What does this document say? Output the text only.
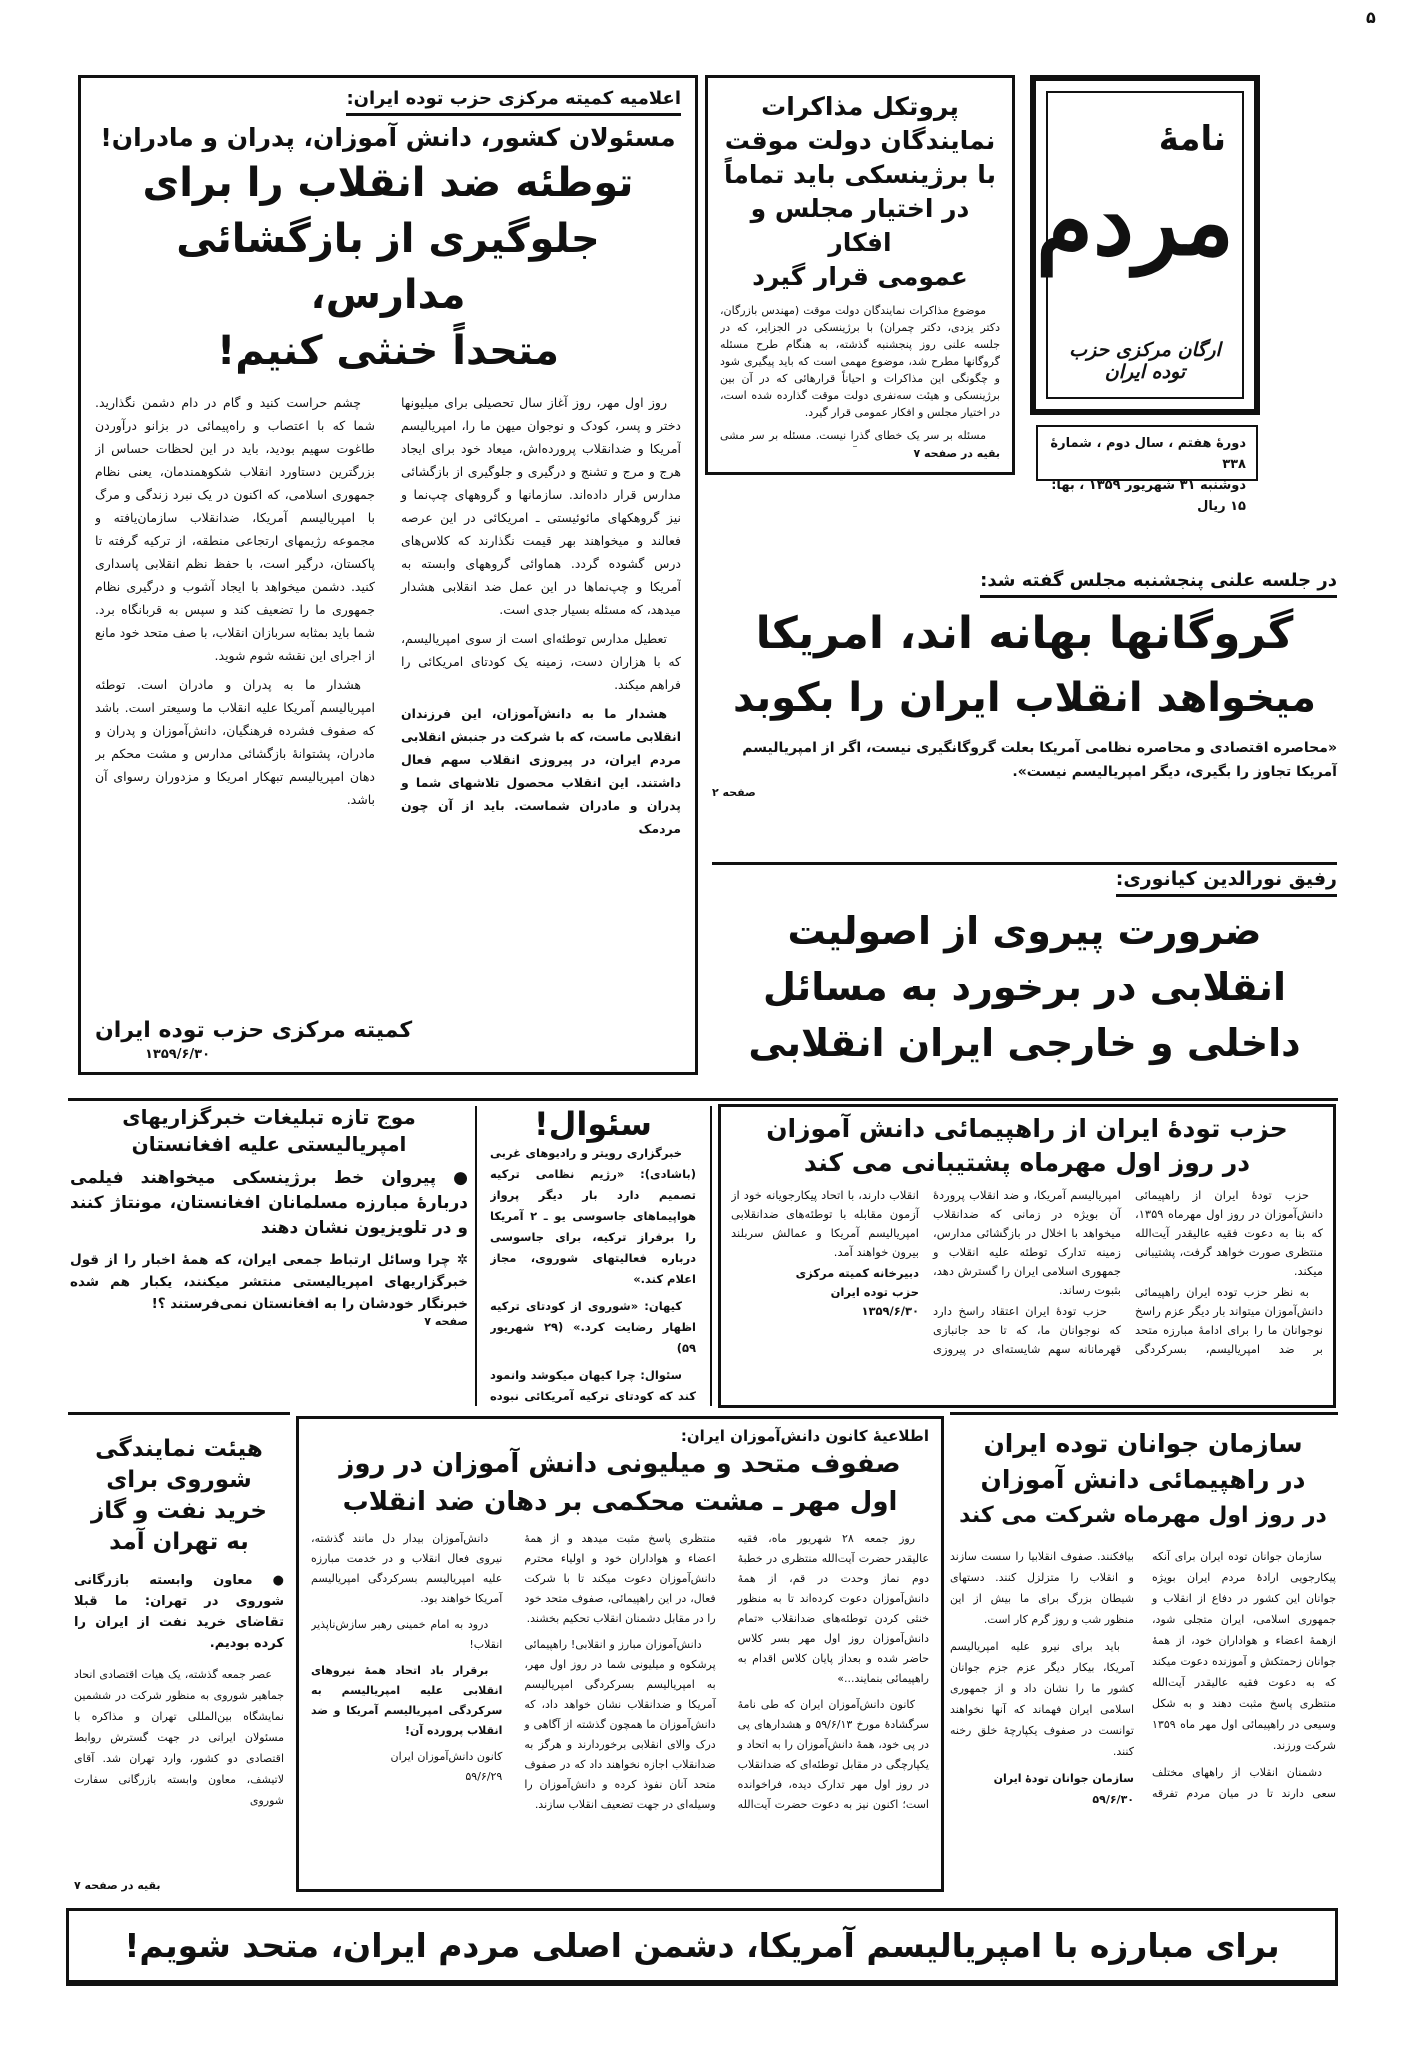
۵
نامهٔ
مردم
ارگان مرکزی حزب توده ایران
دورهٔ هفتم ، سال دوم ، شمارهٔ ۳۳۸
دوشنبه ۳۱ شهریور ۱۳۵۹ ، بها: ۱۵ ریال
پروتکل مذاکرات
نمایندگان دولت موقت
با برژینسکی باید تماماً
در اختیار مجلس و افکار
عمومی قرار گیرد

موضوع مذاکرات نمایندگان دولت موقت (مهندس بازرگان، دکتر یزدی، دکتر چمران) با برژینسکی در الجزایر، که در جلسه علنی روز پنجشنبه گذشته، به هنگام طرح مسئله گروگانها مطرح شد، موضوع مهمی است که باید پیگیری شود و چگونگی این مذاکرات و احیاناً قرارهائی که در آن بین برژینسکی و هیئت سه‌نفری دولت موقت گذارده شده است، در اختیار مجلس و افکار عمومی قرار گیرد.

مسئله بر سر یک خطای گذرا نیست. مسئله بر سر مشی

بقیه در صفحه ۷
اعلامیه کمیته مرکزی حزب توده ایران:
مسئولان کشور، دانش آموزان، پدران و مادران!
توطئه ضد انقلاب را برای
جلوگیری از بازگشائی مدارس،
متحداً خنثی کنیم!

روز اول مهر، روز آغاز سال تحصیلی برای میلیونها دختر و پسر، کودک و نوجوان میهن ما را، امپریالیسم آمریکا و ضدانقلاب پرورده‌اش، میعاد خود برای ایجاد هرج و مرج و تشنج و درگیری و جلوگیری از بازگشائی مدارس قرار داده‌اند. سازمانها و گروههای چپ‌نما و نیز گروهکهای مائوئیستی ـ امریکائی در این عرصه فعالند و میخواهند بهر قیمت نگذارند که کلاس‌های درس گشوده گردد. هماوائی گروههای وابسته به آمریکا و چپ‌نماها در این عمل ضد انقلابی هشدار میدهد، که مسئله بسیار جدی است.

تعطیل مدارس توطئه‌ای است از سوی امپریالیسم، که با هزاران دست، زمینه یک کودتای امریکائی را فراهم میکند.

هشدار ما به دانش‌آموزان، این فرزندان انقلابی ماست، که با شرکت در جنبش انقلابی مردم ایران، در پیروزی انقلاب سهم فعال داشتند. این انقلاب محصول تلاشهای شما و پدران و مادران شماست. باید از آن چون مردمک

چشم حراست کنید و گام در دام دشمن نگذارید. شما که با اعتصاب و راه‌پیمائی در بزانو درآوردن طاغوت سهیم بودید، باید در این لحظات حساس از بزرگترین دستاورد انقلاب شکوهمندمان، یعنی نظام جمهوری اسلامی، که اکنون در یک نبرد زندگی و مرگ با امپریالیسم آمریکا، ضدانقلاب سازمان‌یافته و مجموعه رژیمهای ارتجاعی منطقه، از ترکیه گرفته تا پاکستان، درگیر است، با حفظ نظم انقلابی پاسداری کنید. دشمن میخواهد با ایجاد آشوب و درگیری نظام جمهوری ما را تضعیف کند و سپس به قربانگاه برد. شما باید بمثابه سربازان انقلاب، با صف متحد خود مانع از اجرای این نقشه شوم شوید.

هشدار ما به پدران و مادران است. توطئه امپریالیسم آمریکا علیه انقلاب ما وسیعتر است. باشد که صفوف فشرده فرهنگیان، دانش‌آموزان و پدران و مادران، پشتوانهٔ بازگشائی مدارس و مشت محکم بر دهان امپریالیسم تبهکار امریکا و مزدوران رسوای آن باشد.

کمیته مرکزی حزب توده ایران
۱۳۵۹/۶/۳۰
در جلسه علنی پنجشنبه مجلس گفته شد:
گروگانها بهانه اند، امریکا
میخواهد انقلاب ایران را بکوبد
«محاصره اقتصادی و محاصره نظامی آمریکا بعلت گروگانگیری نیست، اگر از امپریالیسم آمریکا تجاوز را بگیری، دیگر امپریالیسم نیست».
صفحه ۲
رفیق نورالدین کیانوری:
ضرورت پیروی از اصولیت
انقلابی در برخورد به مسائل
داخلی و خارجی ایران انقلابی
موج تازه تبلیغات خبرگزاریهای
امپریالیستی علیه افغانستان
● پیروان خط برژینسکی میخواهند فیلمی دربارهٔ مبارزه مسلمانان افغانستان، مونتاژ کنند و در تلویزیون نشان دهند
✲ چرا وسائل ارتباط جمعی ایران، که همهٔ اخبار را از قول خبرگزاریهای امپریالیستی منتشر میکنند، یکبار هم شده خبرنگار خودشان را به افغانستان نمی‌فرستند ؟!
صفحه ۷
سئوال!

خبرگزاری رویتر و رادیوهای غربی (باشادی): «رژیم نظامی ترکیه تصمیم دارد بار دیگر پرواز هواپیماهای جاسوسی یو ـ ۲ آمریکا را برفراز ترکیه، برای جاسوسی درباره فعالیتهای شوروی، مجاز اعلام کند.»

کیهان: «شوروی از کودتای ترکیه اظهار رضایت کرد.» (۲۹ شهریور ۵۹)

سئوال: چرا کیهان میکوشد وانمود کند که کودتای ترکیه آمریکائی نبوده

حزب تودهٔ ایران از راهپیمائی دانش آموزان
در روز اول مهرماه پشتیبانی می کند

حزب تودهٔ ایران از راهپیمائی دانش‌آموزان در روز اول مهرماه ۱۳۵۹، که بنا به دعوت فقیه عالیقدر آیت‌الله منتظری صورت خواهد گرفت، پشتیبانی میکند.

به نظر حزب توده ایران راهپیمائی دانش‌آموزان میتواند بار دیگر عزم راسخ نوجوانان ما را برای ادامهٔ مبارزه متحد بر ضد امپریالیسم، بسرکردگی امپریالیسم آمریکا، و ضد انقلاب پروردهٔ آن بویژه در زمانی که ضدانقلاب میخواهد با اخلال در بازگشائی مدارس، زمینه تدارک توطئه علیه انقلاب و جمهوری اسلامی ایران را گسترش دهد، بثبوت رساند.

حزب تودهٔ ایران اعتقاد راسخ دارد که نوجوانان ما، که تا حد جانبازی قهرمانانه سهم شایسته‌ای در پیروزی انقلاب دارند، با اتحاد پیکارجویانه خود از آزمون مقابله با توطئه‌های ضدانقلابی امپریالیسم آمریکا و عمالش سربلند بیرون خواهند آمد.

دبیرخانه کمیته مرکزی
حزب توده ایران
۱۳۵۹/۶/۳۰
هیئت نمایندگی
شوروی برای
خرید نفت و گاز
به تهران آمد
● معاون وابسته بازرگانی شوروی در تهران: ما قبلا تقاضای خرید نفت از ایران را کرده بودیم.
عصر جمعه گذشته، یک هیات اقتصادی انحاد جماهیر شوروی به منظور شرکت در ششمین نمایشگاه بین‌المللی تهران و مذاکره با مسئولان ایرانی در جهت گسترش روابط اقتصادی دو کشور، وارد تهران شد. آقای لاتیشف، معاون وابسته بازرگانی سفارت شوروی
بقیه در صفحه ۷
اطلاعیهٔ کانون دانش‌آموزان ایران:
صفوف متحد و میلیونی دانش آموزان در روز
اول مهر ـ مشت محکمی بر دهان ضد انقلاب

روز جمعه ۲۸ شهریور ماه، فقیه عالیقدر حضرت آیت‌الله منتظری در خطبهٔ دوم نماز وحدت در قم، از همهٔ دانش‌آموزان دعوت کرده‌اند تا به منظور خنثی کردن توطئه‌های ضدانقلاب «تمام دانش‌آموزان روز اول مهر بسر کلاس حاضر شده و بعداز پایان کلاس اقدام به راهپیمائی بنمایند...»

کانون دانش‌آموزان ایران که طی نامهٔ سرگشادهٔ مورخ ۵۹/۶/۱۳ و هشدارهای پی در پی خود، همهٔ دانش‌آموزان را به اتحاد و یکپارچگی در مقابل توطئه‌ای که ضدانقلاب در روز اول مهر تدارک دیده، فراخوانده است؛ اکنون نیز به دعوت حضرت آیت‌الله منتظری پاسخ مثبت میدهد و از همهٔ اعضاء و هواداران خود و اولیاء محترم دانش‌آموزان دعوت میکند تا با شرکت فعال، در این راهپیمائی، صفوف متحد خود را در مقابل دشمنان انقلاب تحکیم بخشند.

دانش‌آموزان مبارز و انقلابی! راهپیمائی پرشکوه و میلیونی شما در روز اول مهر، به امپریالیسم بسرکردگی امپریالیسم آمریکا و ضدانقلاب نشان خواهد داد، که دانش‌آموزان ما همچون گذشته از آگاهی و درک والای انقلابی برخوردارند و هرگز به ضدانقلاب اجازه نخواهند داد که در صفوف متحد آنان نفوذ کرده و دانش‌آموزان را وسیله‌ای در جهت تضعیف انقلاب سازند.

دانش‌آموزان بیدار دل مانند گذشته، نیروی فعال انقلاب و در خدمت مبارزه علیه امپریالیسم بسرکردگی امپریالیسم آمریکا خواهند بود.

درود به امام خمینی رهبر سازش‌ناپذیر انقلاب!

برقرار باد اتحاد همهٔ نیروهای انقلابی علیه امپریالیسم به سرکردگی امپریالیسم آمریکا و ضد انقلاب پرورده آن!

کانون دانش‌آموزان ایران
۵۹/۶/۲۹
سازمان جوانان توده ایران
در راهپیمائی دانش آموزان
در روز اول مهرماه شرکت می کند

سازمان جوانان توده ایران برای آنکه پیکارجویی ارادهٔ مردم ایران بویژه جوانان این کشور در دفاع از انقلاب و جمهوری اسلامی، ایران متجلی شود، ازهمهٔ اعضاء و هواداران خود، از همهٔ جوانان زحمتکش و آموزنده دعوت میکند که به دعوت فقیه عالیقدر آیت‌الله منتظری پاسخ مثبت دهند و به شکل وسیعی در راهپیمائی اول مهر ماه ۱۳۵۹ شرکت ورزند.

دشمنان انقلاب از راههای مختلف سعی دارند تا در میان مردم تفرقه بیافکنند. صفوف انقلابیا را سست سازند و انقلاب را متزلزل کنند. دستهای شیطان بزرگ برای ما بیش از این منظور شب و روز گرم کار است.

باید برای نیرو علیه امپریالیسم آمریکا، بیکار دیگر عزم جزم جوانان کشور ما را نشان داد و از جمهوری اسلامی ایران فهماند که آنها نخواهند توانست در صفوف یکپارچهٔ خلق رخنه کنند.

سازمان جوانان تودهٔ ایران
۵۹/۶/۳۰
برای مبارزه با امپریالیسم آمریکا، دشمن اصلی مردم ایران، متحد شویم!
